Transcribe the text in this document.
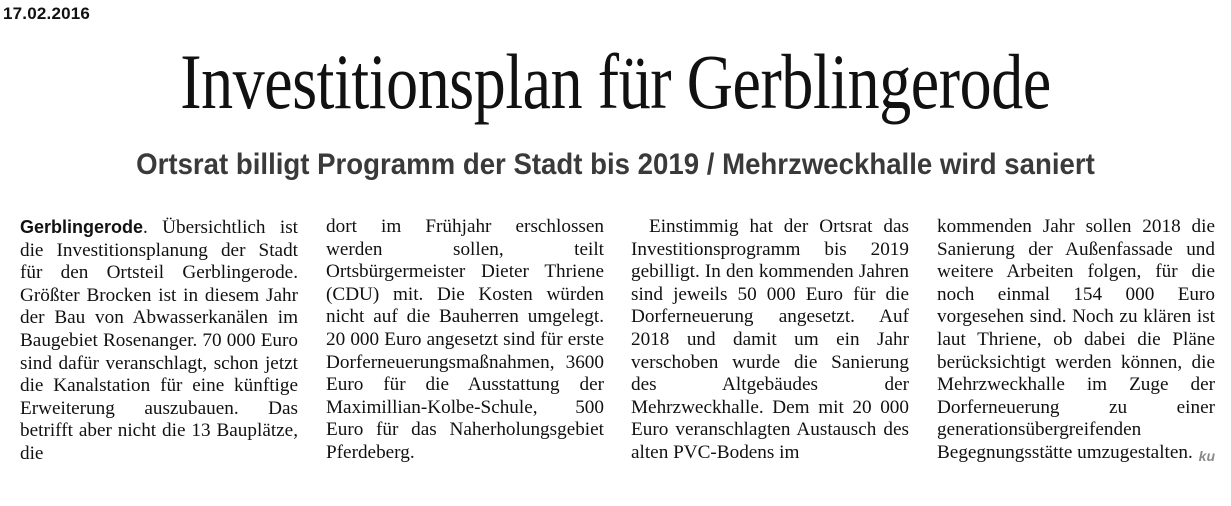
17.02.2016
Investitionsplan für Gerblingerode
Ortsrat billigt Programm der Stadt bis 2019 / Mehrzweckhalle wird saniert

Gerblingerode. Übersichtlich ist die Investitionsplanung der Stadt für den Ortsteil Gerblingerode. Größter Brocken ist in diesem Jahr der Bau von Abwasserkanälen im Baugebiet Rosenanger. 70 000 Euro sind dafür veranschlagt, schon jetzt die Kanalstation für eine künftige Erweiterung auszubauen. Das betrifft aber nicht die 13 Bauplätze, die

dort im Frühjahr erschlossen werden sollen, teilt Ortsbürgermeister Dieter Thriene (CDU) mit. Die Kosten würden nicht auf die Bauherren umgelegt. 20 000 Euro angesetzt sind für erste Dorferneuerungsmaßnahmen, 3600 Euro für die Ausstattung der Maximillian-Kolbe-Schule, 500 Euro für das Naherholungsgebiet Pferdeberg.

Einstimmig hat der Ortsrat das Investitionsprogramm bis 2019 gebilligt. In den kommenden Jahren sind jeweils 50 000 Euro für die Dorferneuerung angesetzt. Auf 2018 und damit um ein Jahr verschoben wurde die Sanierung des Altgebäudes der Mehrzweckhalle. Dem mit 20 000 Euro veranschlagten Austausch des alten PVC-Bodens im

kommenden Jahr sollen 2018 die Sanierung der Außenfassade und weitere Arbeiten folgen, für die noch einmal 154 000 Euro vorgesehen sind. Noch zu klären ist laut Thriene, ob dabei die Pläne berücksichtigt werden können, die Mehrzweckhalle im Zuge der Dorferneuerung zu einer generationsübergreifenden Begegnungsstätte umzugestalten. ku
